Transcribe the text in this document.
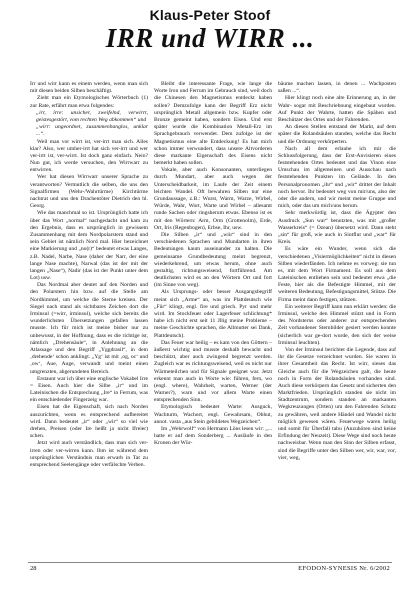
Klaus-Peter Stoof
IRR und WIRR ...

Irr und wirr kann es einem werden, wenn man sich mit diesen beiden Silben beschäftigt.

Zieht man ein Etymologisches Wörterbuch (1) zur Rate, erfährt man etwa folgendes:

„irr, irre: unsicher, zweifelnd, verwirrt, geistesgestört, vom rechten Weg abkommen“ und

„wirr: ungeordnet, zusammenhanglos, unklar ...“.

Weil man vor wirrt ist, ver-irrt man sich. Alles klar? Also, wer umher-irrt hat sich ver-irrt und wer ver-irrt ist, ver-wirrt. Ist doch ganz einfach. Nein? Nun gut, ich werde versuchen, den Wirrwarr zu entwirren.

Wer hat diesen Wirrwarr unserer Sprache zu verantworten? Vermutlich die selben, die uns den Signalfirmen (Wehr-/Wahrtürme) Kirchtürme nachtrat und uns den Drachentöter Dietrich den hl. Georg.

Wie das manchmal so ist. Ursprünglich hatte ich über das Wort „normal“ nachgedacht und kam zu den Ergebnis, dass es ursprünglich in gewissem Zusammenhang mit dem Nordpolarstern stand und sein Gebiet ist nämlich Nord mal. Hier bezeichnet eine Markierung und „no(r)“ bedeutet etwas Langes, z.B. Nadel, Narbe, Nase (daher der Narr, der eine lange Nase machte), Narwal (das ist der mit der langen „Nase“), Nadir (das ist der Punkt unter dem Lot) usw.

Das Nordmal aber deutet auf den Norden und den Polarstern hin bzw. auf die Stelle am Nordhimmel, um welche die Sterne kreisen. Der Siegel nach stand als sichtbares Zeichen dort die Irminsul (=wirr, irminsul), welche sich bereits die wunderlichsten Übersetzungen gefallen lassen musste. Ich für mich ist meine bisher nur zu unbewusst, in der Hoffnung, dass es die richtige ist, nämlich „Drehensäule“, in Anlehnung an die Atlassage und den Begriff „Yggdrasil“, in dem ‚drehende‘ schon anklingt. „Yg‘ ist mit ‚og, oc‘ und ‚ow‘, Aue, Auge, verwandt und meint einen umgrenzten, abgerundeten Bereich.

Erstaunt war ich über eine englische Vokabel Irre = Eisen. Auch hier die Silbe „ir“ und im Lateinischen die Entsprechung „Ire“ in Ferrum, was ein entschiedender Fingerzeig war.

Eisen hat die Eigenschaft, sich nach Norden auszurichten, wenn es entsprechend aufbereitet wird. Dann bedeutet „ir“ oder „wir“ so viel wie drehen, Preisen (oder Ire heißt ja nicht Ifreier) schen.

Jetzt wird auch verständlich, dass man sich ver-irren oder ver-wirren kann. Ihm ist während dem ursprünglichen Verständnis man erwarb in Tat zu entsprechend Seelengänge oder verfälschte Verben.

Bleibt die interessante Frage, wie lange die Worte Iron und Ferrum im Gebrauch sind, weil doch die Chinesen den Magnetismus entdeckt haben sollen? Demzufolge kann der Begriff Erz nicht ursprünglich Metall allgemein bzw. Kupfer oder Bronze gemeint haben, sondern Eisen. Und erst später wurde die Kombination Metall-Erz im Sprachgebrauch verwendet. Dem zufolge ist der Magnetismus eine alte Entdeckung! Es hat mich schon immer verwundert, dass unsere Altvorderen diese markante Eigenschaft des Eisens nicht bemerkt haben sollen.

Vokale, aber auch Konsonanten, unterliegen durch Mundart, aber auch wegen der Unterscheidbarkeit, im Laufe der Zeit einem leichten Wandel. Oft bewahren Silben nur eine Grundaussage, z.B.: Wurst, Warm, Warze, Wirbel, Würde, Wahr, Wort, Warte und Wirbel – allesamt runde Sachen oder ringsherum etwas. Ebenso ist es mit den Wörtern: Arm, Orm (Grottenolm), Erde, Ort, Iris (Regenbogen), Erbse, Ihr, usw.

Die Silben „ir“ und „wiir“ sind in den verschiedenen Sprachen und Mundarten in ihren Bedeutungen kaum auseinander zu halten. Die gemeinsame Grundbedeutung meint begrenzt, wiederkehrend, um etwas herum, ohne auch gestaltig, richtungsweisend, fortführend. Am deutlichsten wird es an den Wörtern Ort und fort (im Sinne von weg).

Als Ursprungs- oder besser Ausgangsbegriff meint sich „Arme“ an, was im Plattdeutsch wie „Für“ klingt, engl. fire und griech. Pyr und mehr wird. Im Stockfeuer oder Lagerfeuer schlichtung* habe ich nicht erst seit 11 Jllig meine Probleme – meine Geschichte sprachen, die Allmutter sei Dank, Plattdeutsch).

Das Feuer war heilig – es kam von den Göttern – äußerst wichtig und musste deshalb bewacht und beschützt, aber auch zwingend begrenzt werden. Zugleich war es richtungsweisend, weil es nicht nur Wärmeteilchen und für Signale geeignet war. Jetzt erkennt man auch in Worte wie: führen, fern, wo (engl. where), Wahrheit, warten, Werner (der Warner?), warn und vor allem Warte einen entsprechenden Sinn.

Etymologisch bedeutet Warte: Ausguck, Wachturm, Wachort, engl. Gewahrsam, Obhut, annot. vasta „aus Stein gebildetes Wegzeichen“.

Im „Wehrwolf“ von Hermann Löns lesen wir: „... hatte er auf dem Sonderberg ... Ausläufe in den Kronen der Wür-

bäume machen lassen, in denen ... Wachposten saßen ...“.

Hier klingt noch eine alte Erinnerung an, in der Wahr- sogar mit Beschriebnung eingebaut wurden. Auf Punkt der Wahrte, hatten die Spähen und Beschützer des Ortes und der Fahrenden.

An diesen Stellen entstand der Markt, auf dem später die Rolandsäulen standen, welche das Recht und die Ordnung verkörperten.

Nach all dem erlaube ich mir die Schlussfolgerung, dass der Erst-Anvisieren eines feststehenden Ortes bedeutet und das Vinon eine Umschau im allgemeinen und Ausschau nach feststehenden Punkten im Gelände. In den Personalpronomen „ihr“ und „wir“ drittet der Inhalt noch hervor. Ihr bedeutet weg von mir/uns, also der oder die andern, und wir meint meine Gruppe und mich, oder das um mich/uns herum.

Sehr merkwürdig ist, dass die Ägypter den Ausdruck „Sun war“ benutzten, was mit „großer Wasserkreis“ (= Ozean) übersetzt wird. Dann steht „sin“ für groß, wie auch in Sintflut und „war“ für Kreis.

Es wäre ein Wunder, wenn sich die verschiedenen „Visiermöglichkeiten“ nicht in diesen Silben wiederfänden. Ich nehme es vorweg: sie tun es, mit dem Wort Firmament. Es soll aus dem Lateinischen entliehen sein und bedeutet etwa „die Feste, hier als die Befestigte Himmel, mit der weiteren Bedeutung, Befestigungsmittel, Stütze. Die Firma meint dann festigen, stützen.

Ein weiterer Begriff kann nun erklärt werden: die Irminsul, welche den Himmel stützt und in Form des Nordsterns oder anderer zur entsprechenden Zeit vorhandener Sternbilder gesiert werden konnte (sicherlich war ge-dort wurde, den sich der weise Irminsul leuchten).

Von der Irminsul berichtet die Legende, dass auf ihr die Gesetze verzeichnet wurden. Sie waren in ihrer Gesamtheit das Recht. Ist wirr, sieses das Gleiche auch für die Wegzeichen galt, die heute noch in Form der Rolandsäulen vorhanden sind. Auch diese verkörpern das Gesetz und sicherten den Marktfrieden. Ursprünglich standen sie nicht im Stadtzentrum, sondern standen an markanten Wegkreuzungen (Orten) um den Fahrenden Schutz zu gewähren, weil andere Händel und Wandel nicht möglich gewesen wären. Feuerwege waren heilig und somit für Überfall tabu (Anzuhören sind keine Erfindung der Neuzeit). Diese Wege sind noch heute nachweisbar. Wenn man den Sinn der Silben erfasst, sind die Begriffe unter den Silben wer, wir, war, vor, vier, weg,

28	EFODON-SYNESIS Nr. 6/2002
